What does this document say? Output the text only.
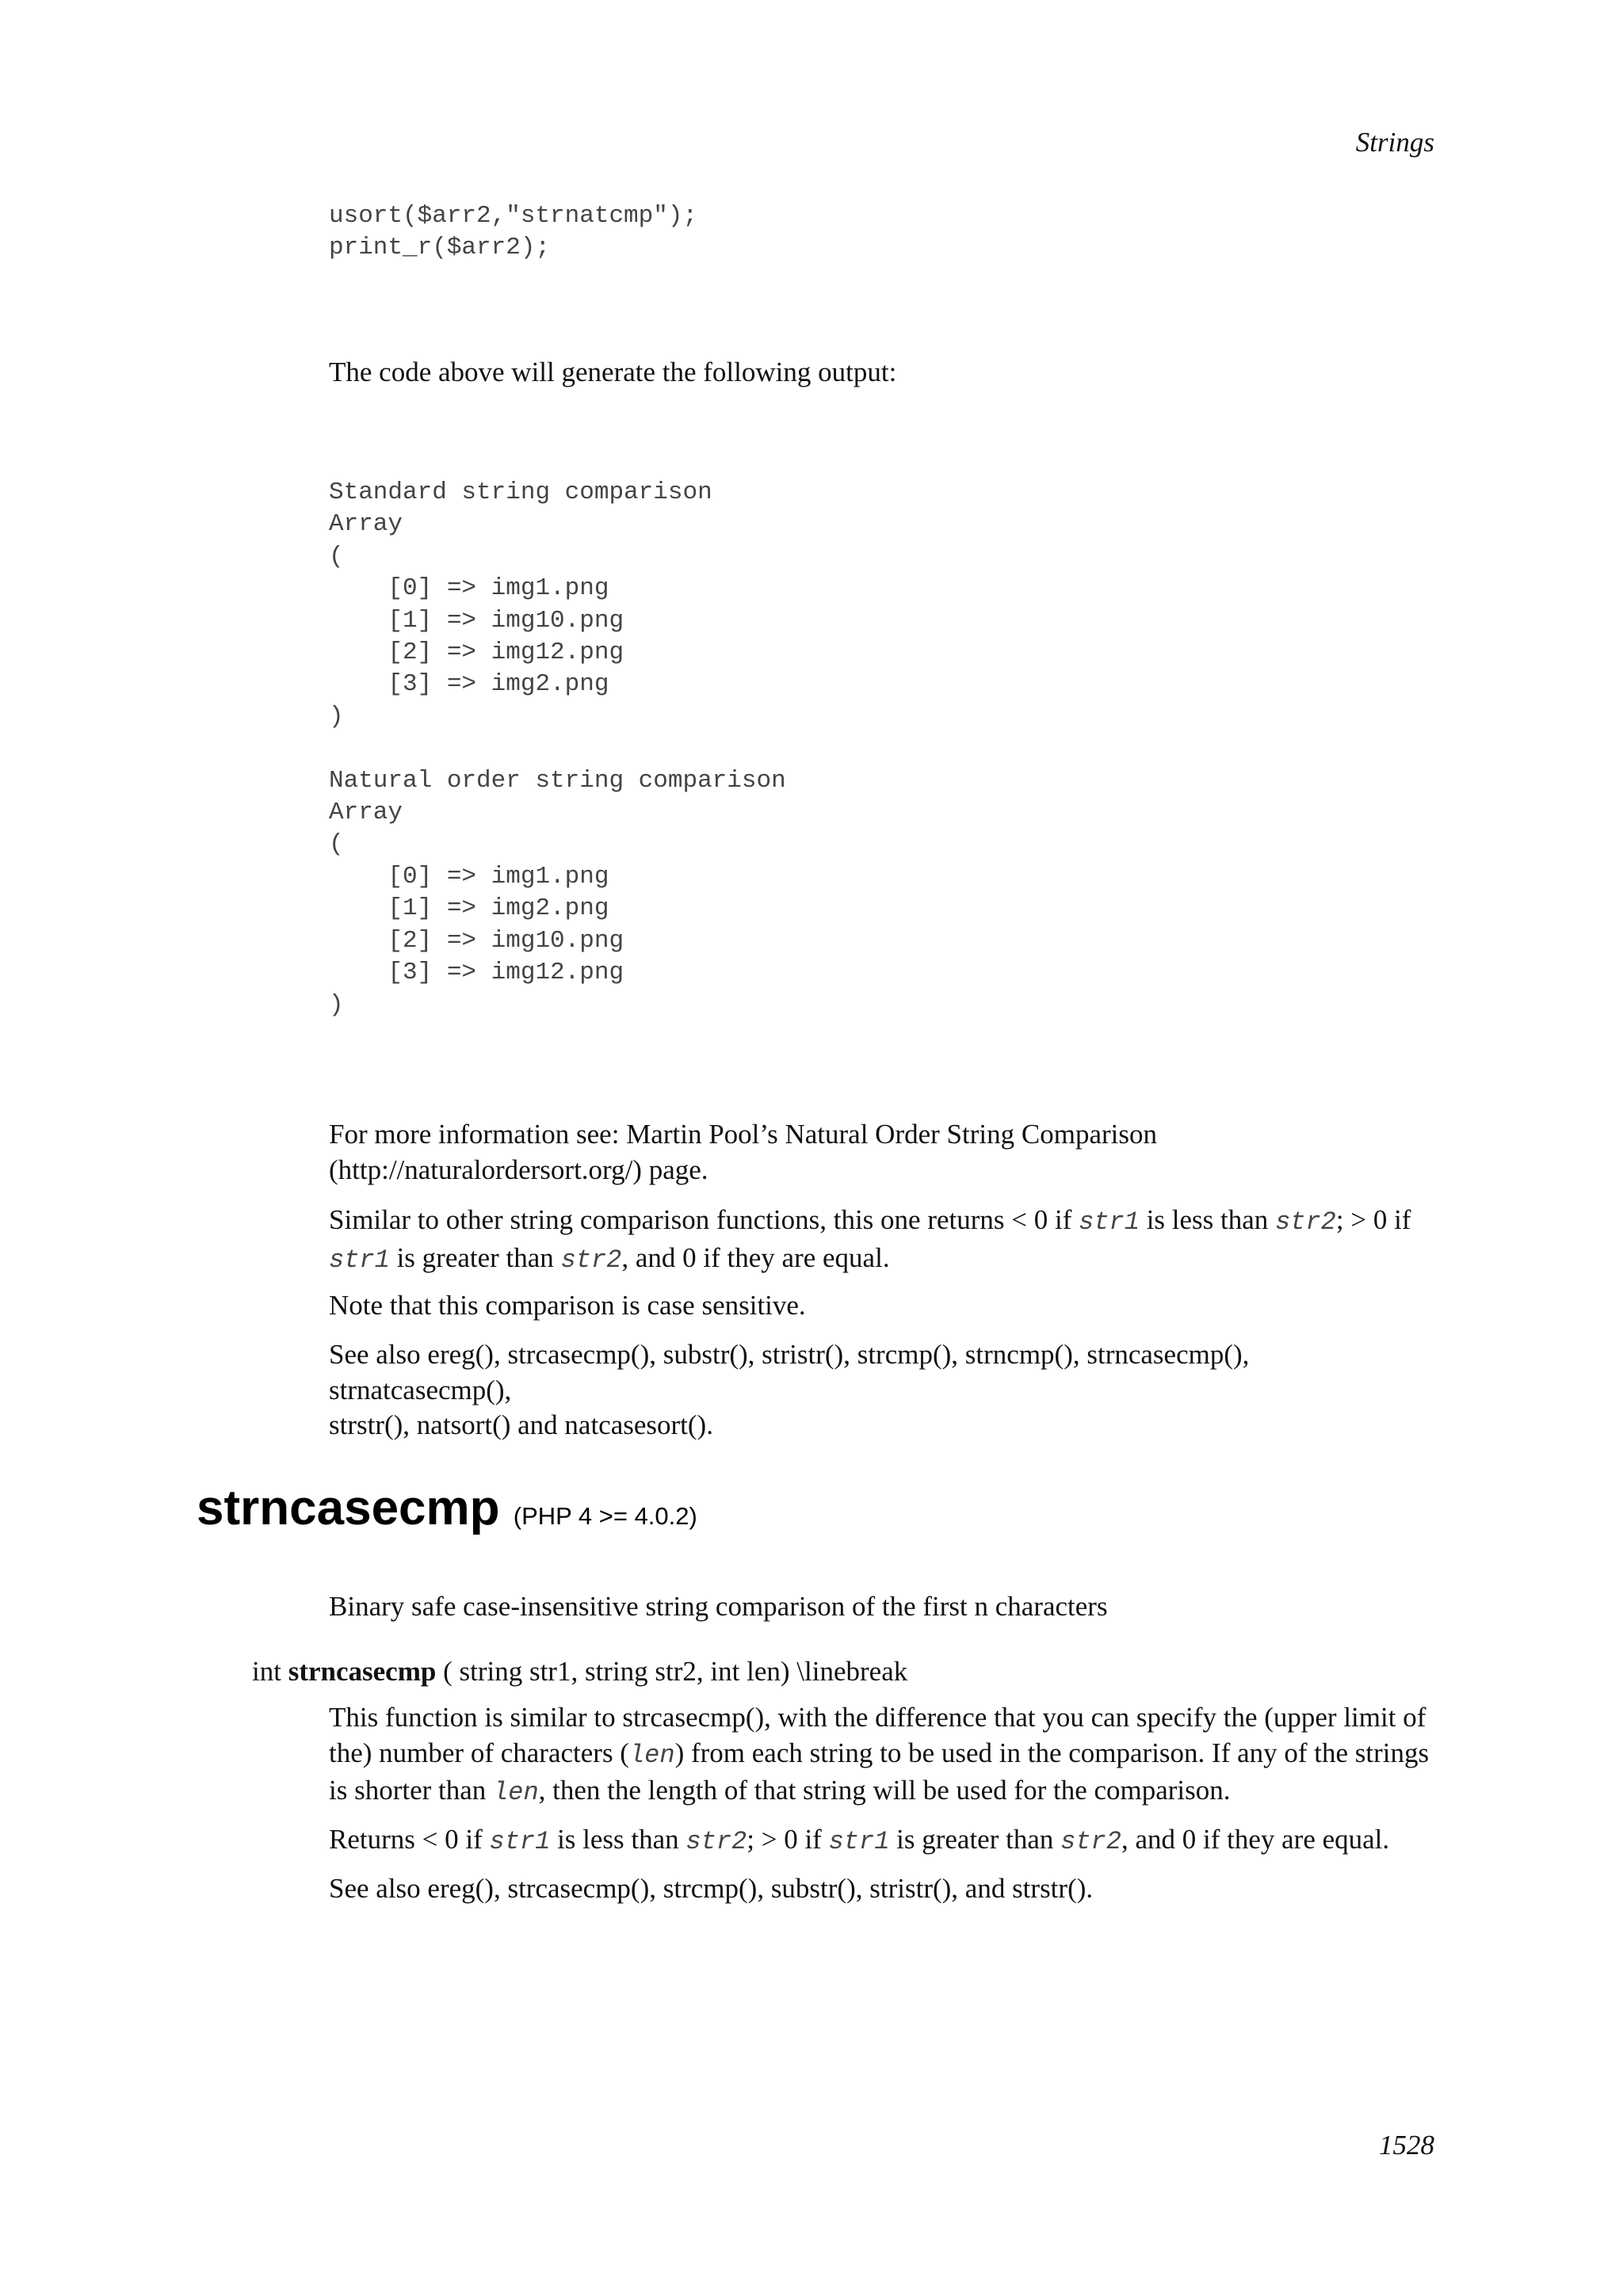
Strings
usort($arr2,"strnatcmp");
print_r($arr2);

The code above will generate the following output:

Standard string comparison
Array
(
[0] => img1.png
[1] => img10.png
[2] => img12.png
[3] => img2.png
)

Natural order string comparison
Array
(
[0] => img1.png
[1] => img2.png
[2] => img10.png
[3] => img12.png
)

For more information see: Martin Pool’s Natural Order String Comparison
(http://naturalordersort.org/) page.

Similar to other string comparison functions, this one returns < 0 if str1 is less than str2; > 0 if
str1 is greater than str2, and 0 if they are equal.

Note that this comparison is case sensitive.

See also ereg(), strcasecmp(), substr(), stristr(), strcmp(), strncmp(), strncasecmp(), strnatcasecmp(),
strstr(), natsort() and natcasesort().

strncasecmp (PHP 4 >= 4.0.2)

Binary safe case-insensitive string comparison of the first n characters

int strncasecmp ( string str1, string str2, int len) \linebreak

This function is similar to strcasecmp(), with the difference that you can specify the (upper limit of
the) number of characters (len) from each string to be used in the comparison. If any of the strings
is shorter than len, then the length of that string will be used for the comparison.

Returns < 0 if str1 is less than str2; > 0 if str1 is greater than str2, and 0 if they are equal.

See also ereg(), strcasecmp(), strcmp(), substr(), stristr(), and strstr().

1528
